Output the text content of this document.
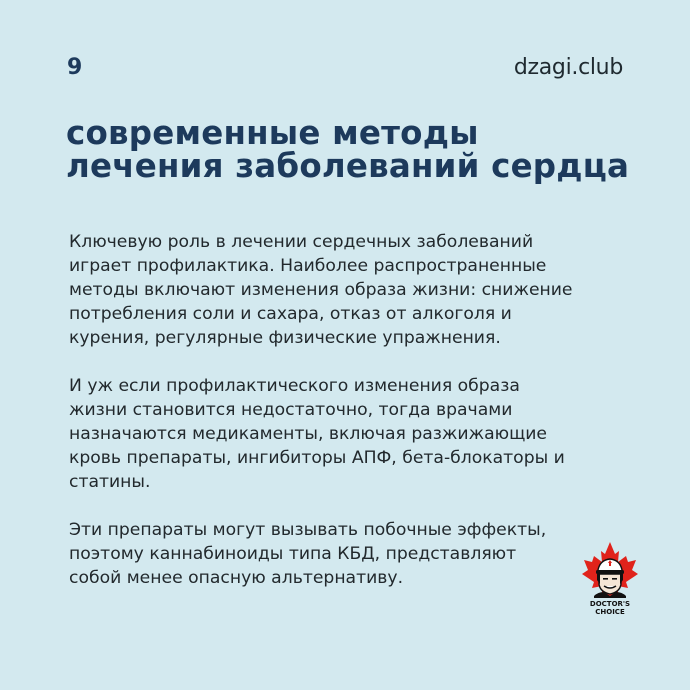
9	dzagi.club
современные методы
лечения заболеваний сердца

Ключевую роль в лечении сердечных заболеваний
играет профилактика. Наиболее распространенные
методы включают изменения образа жизни: снижение
потребления соли и сахара, отказ от алкоголя и
курения, регулярные физические упражнения.

И уж если профилактического изменения образа
жизни становится недостаточно, тогда врачами
назначаются медикаменты, включая разжижающие
кровь препараты, ингибиторы АПФ, бета-блокаторы и
статины.

Эти препараты могут вызывать побочные эффекты,
поэтому каннабиноиды типа КБД, представляют
собой менее опасную альтернативу.

DOCTOR'S
CHOICE
